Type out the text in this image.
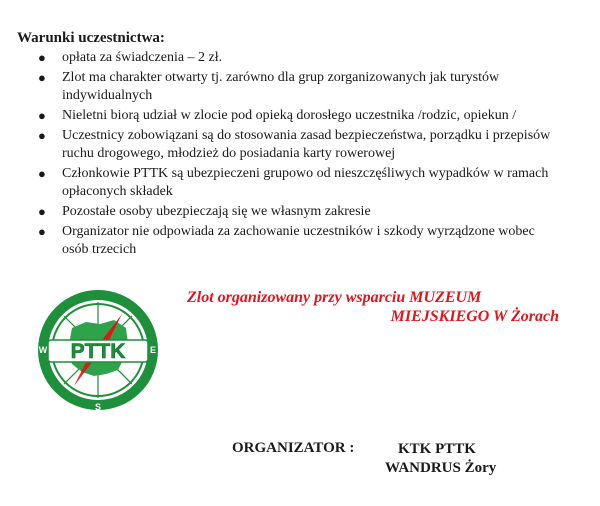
Warunki uczestnictwa:
● opłata za świadczenia – 2 zł.
● Zlot ma charakter otwarty tj. zarówno dla grup zorganizowanych jak turystów indywidualnych
● Nieletni biorą udział w zlocie pod opieką dorosłego uczestnika /rodzic, opiekun /
● Uczestnicy zobowiązani są do stosowania zasad bezpieczeństwa, porządku i przepisów ruchu drogowego, młodzież do posiadania karty rowerowej
● Członkowie PTTK są ubezpieczeni grupowo od nieszczęśliwych wypadków w ramach opłaconych składek
● Pozostałe osoby ubezpieczają się we własnym zakresie
● Organizator nie odpowiada za zachowanie uczestników i szkody wyrządzone wobec osób trzecich
PTTK
N
E
S
W
Zlot organizowany przy wsparciu MUZEUM
MIEJSKIEGO W Żorach
ORGANIZATOR :	KTK PTTK
WANDRUS Żory
